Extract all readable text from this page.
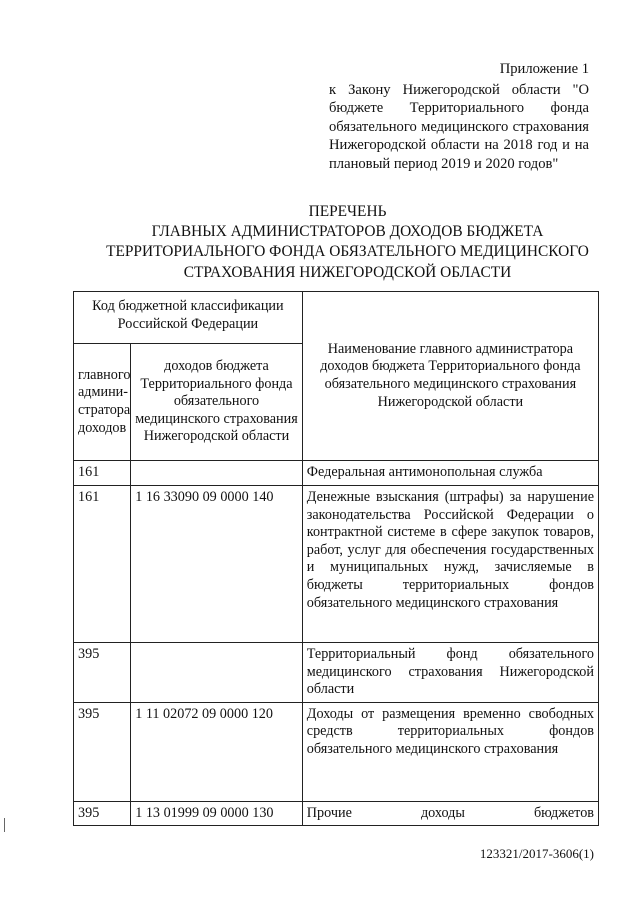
Приложение 1
к Закону Нижегородской области "О бюджете Территориального фонда обязательного медицинского страхования Нижегородской области на 2018 год и на плановый период 2019 и 2020 годов"
ПЕРЕЧЕНЬ
ГЛАВНЫХ АДМИНИСТРАТОРОВ ДОХОДОВ БЮДЖЕТА
ТЕРРИТОРИАЛЬНОГО ФОНДА ОБЯЗАТЕЛЬНОГО МЕДИЦИНСКОГО
СТРАХОВАНИЯ НИЖЕГОРОДСКОЙ ОБЛАСТИ
Код бюджетной классификации Российской Федерации		Наименование главного администратора доходов бюджета Территориального фонда обязательного медицинского страхования Нижегородской области
главного админи-стратора доходов	доходов бюджета Территориального фонда обязательного медицинского страхования Нижегородской области	
161		Федеральная антимонопольная служба
161	1 16 33090 09 0000 140	Денежные взыскания (штрафы) за нарушение законодательства Российской Федерации о контрактной системе в сфере закупок товаров, работ, услуг для обеспечения государственных и муниципальных нужд, зачисляемые в бюджеты территориальных фондов обязательного медицинского страхования
395		Территориальный фонд обязательного медицинского страхования Нижегородской области
395	1 11 02072 09 0000 120	Доходы от размещения временно свободных средств территориальных фондов обязательного медицинского страхования
395	1 13 01999 09 0000 130	Прочие доходы бюджетов
123321/2017-3606(1)
